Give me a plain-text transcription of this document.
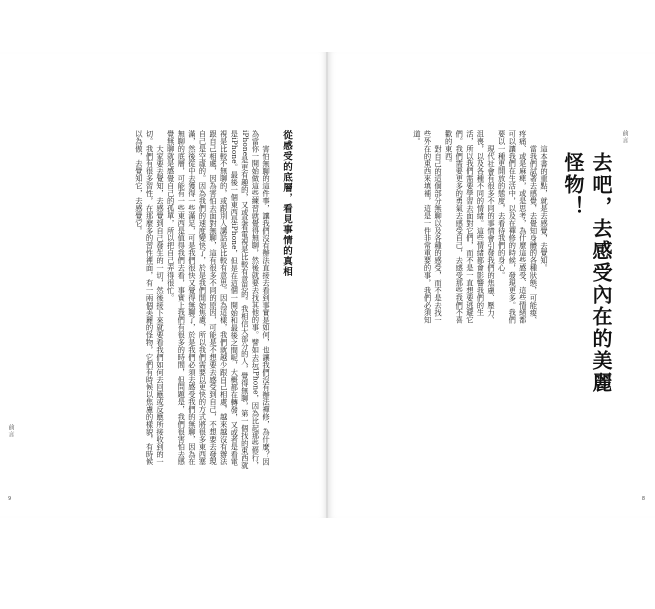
前言
從感受的底層，看見事情的真相

害怕無聊的這件事，讓我們沒有辦法直接去看到事實是如何，也讓我們沒有辦法禪修，為什麼？因為當你一開始做這些練習就覺得無聊，然後就要去找其他的事。譬如去玩iPhone，因為比起那些修行，iPhone是更有趣的，又或是看電視是比較有意思的。我相信大部分的人，覺得無聊，第一個找的東西就是iPhone。最後一個東西是iPhone，但是在這個一開始和最後之間呢，大概都在轉發，又或者是看電視是比較不無聊的，或跟別人講話是比較有意思。因為這樣，我們就越少跟自己相處，越來越沒有辦法跟自己相處，因為害怕去面對無聊，這有很多不同的原因，可能是不想要去感受到自己，不想要去發現自己是空虛的。因為我們的速度變快了，於是我們開始焦慮，所以我們需要以更快的方式將很多東西塞滿，然後從中去獲得一些滿足，可是我們很快又覺得無聊了，於是我們必須去感受我們的無聊，因為在無聊的底層，可能有一些東西是值得我們去看，事實上我們有很多的時間，但問題是，我們很害怕去感覺無聊就是感覺自己的孤單，所以把自己弄得很忙。

大家要去覺知，去感覺到自己發生的一切，然後接下來就要看我們如何去回應或反應所接收到的一切。我們有很多習性，在那麼多的習性裡面，有一兩個美麗的怪物，它們有時候以焦慮的樣貌，有時候以為傲，去覺知它，去感覺它。

9
前言
去吧，去感受內在的美麗怪物！

這本書的重點，就是去感覺，去覺知。

當我們試著去感覺，去覺知身體的各種狀態，可能痠、疼痛、或是麻痺，或是思考，為什麼這些感受、這些情緒都可以讓我們在生活中，以及在禪修的時候，發現更多。我們要以一種更開放的態度，去看待我們的身心。

現代社會有很多不同的事情會引發我們的焦慮、壓力、沮喪，以及各種不同的情緒。這些情緒都會影響我們的生活，所以我們需要學習去面對它們，而不是一直想要逃避它們。我們需要更多的勇氣去感受自己，去感受那些我們不喜歡的東西。

對自己的這個部分無聊以及各種的感受，而不是去找一些外在的東西來填補，這是一件非常重要的事，我們必須知道。

8
